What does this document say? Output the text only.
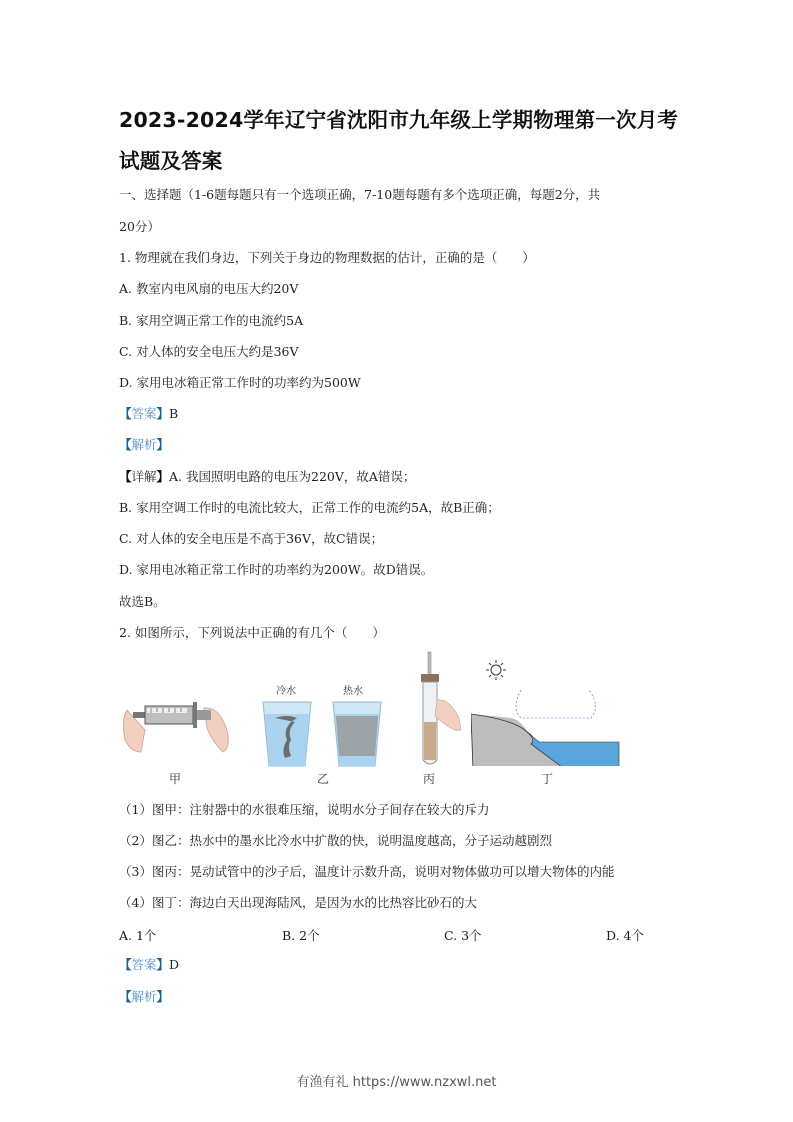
2023-2024学年辽宁省沈阳市九年级上学期物理第一次月考试题及答案
一、选择题（1-6题每题只有一个选项正确，7-10题每题有多个选项正确，每题2分，共
20分）
1. 物理就在我们身边，下列关于身边的物理数据的估计，正确的是（　　）
A. 教室内电风扇的电压大约20V
B. 家用空调正常工作的电流约5A
C. 对人体的安全电压大约是36V
D. 家用电冰箱正常工作时的功率约为500W
【答案】B
【解析】
【详解】A. 我国照明电路的电压为220V，故A错误；
B. 家用空调工作时的电流比较大，正常工作的电流约5A，故B正确；
C. 对人体的安全电压是不高于36V，故C错误；
D. 家用电冰箱正常工作时的功率约为200W。故D错误。
故选B。
2. 如图所示，下列说法中正确的有几个（　　）
甲
冷水	热水
乙	丙	丁
（1）图甲：注射器中的水很难压缩，说明水分子间存在较大的斥力
（2）图乙：热水中的墨水比冷水中扩散的快，说明温度越高，分子运动越剧烈
（3）图丙：晃动试管中的沙子后，温度计示数升高，说明对物体做功可以增大物体的内能
（4）图丁：海边白天出现海陆风，是因为水的比热容比砂石的大
A. 1个	B. 2个	C. 3个	D. 4个
【答案】D
【解析】
有渔有礼 https://www.nzxwl.net
